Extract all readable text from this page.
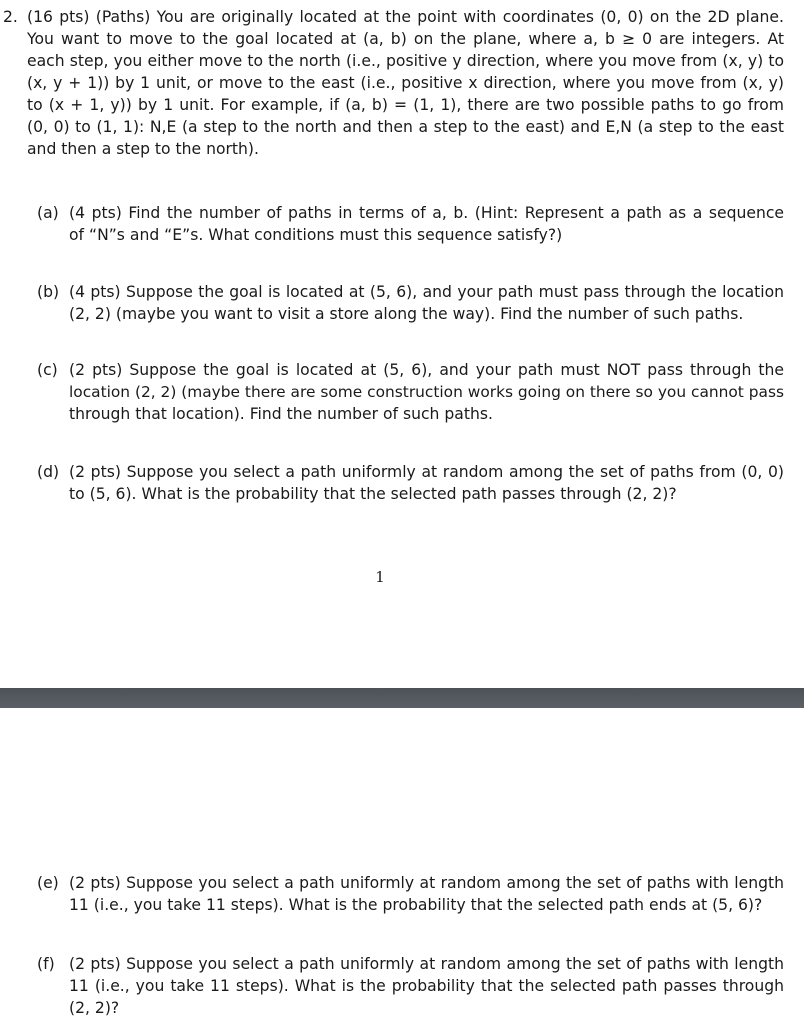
2. (16 pts) (Paths) You are originally located at the point with coordinates (0, 0) on the 2D plane.
You want to move to the goal located at (a, b) on the plane, where a, b ≥ 0 are integers. At
each step, you either move to the north (i.e., positive y direction, where you move from (x, y) to
(x, y + 1)) by 1 unit, or move to the east (i.e., positive x direction, where you move from (x, y)
to (x + 1, y)) by 1 unit. For example, if (a, b) = (1, 1), there are two possible paths to go from
(0, 0) to (1, 1): N,E (a step to the north and then a step to the east) and E,N (a step to the east
and then a step to the north).
(a) (4 pts) Find the number of paths in terms of a, b. (Hint: Represent a path as a sequence
of “N”s and “E”s. What conditions must this sequence satisfy?)
(b) (4 pts) Suppose the goal is located at (5, 6), and your path must pass through the location
(2, 2) (maybe you want to visit a store along the way). Find the number of such paths.
(c) (2 pts) Suppose the goal is located at (5, 6), and your path must NOT pass through the
location (2, 2) (maybe there are some construction works going on there so you cannot pass
through that location). Find the number of such paths.
(d) (2 pts) Suppose you select a path uniformly at random among the set of paths from (0, 0)
to (5, 6). What is the probability that the selected path passes through (2, 2)?
1
(e) (2 pts) Suppose you select a path uniformly at random among the set of paths with length
11 (i.e., you take 11 steps). What is the probability that the selected path ends at (5, 6)?
(f) (2 pts) Suppose you select a path uniformly at random among the set of paths with length
11 (i.e., you take 11 steps). What is the probability that the selected path passes through
(2, 2)?
